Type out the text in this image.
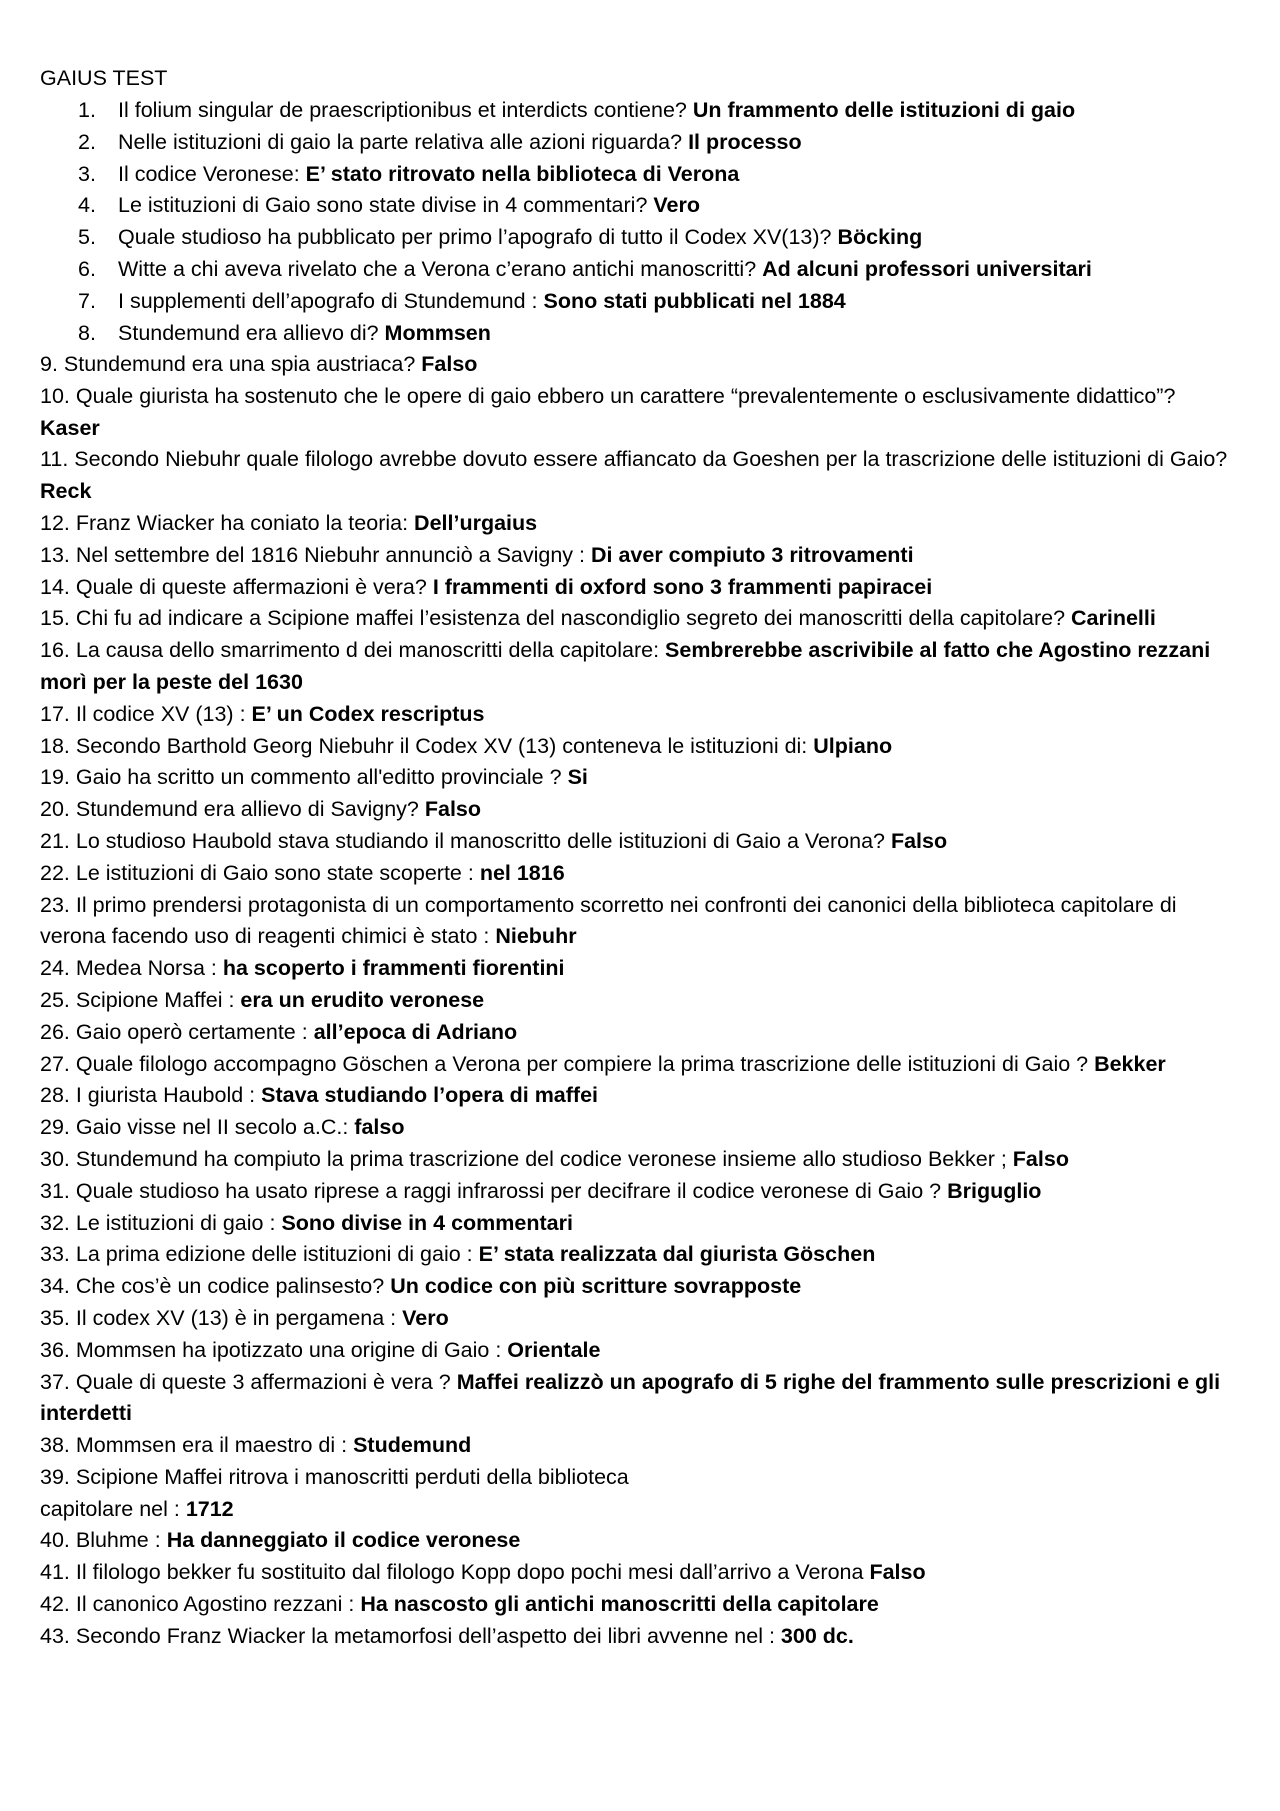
GAIUS TEST
1. Il folium singular de praescriptionibus et interdicts contiene? Un frammento delle istituzioni di gaio
2. Nelle istituzioni di gaio la parte relativa alle azioni riguarda? Il processo
3. Il codice Veronese: E’ stato ritrovato nella biblioteca di Verona
4. Le istituzioni di Gaio sono state divise in 4 commentari? Vero
5. Quale studioso ha pubblicato per primo l’apografo di tutto il Codex XV(13)? Böcking
6. Witte a chi aveva rivelato che a Verona c’erano antichi manoscritti? Ad alcuni professori universitari
7. I supplementi dell’apografo di Stundemund : Sono stati pubblicati nel 1884
8. Stundemund era allievo di? Mommsen

9. Stundemund era una spia austriaca? Falso

10. Quale giurista ha sostenuto che le opere di gaio ebbero un carattere “prevalentemente o esclusivamente didattico”? Kaser

11. Secondo Niebuhr quale filologo avrebbe dovuto essere affiancato da Goeshen per la trascrizione delle istituzioni di Gaio? Reck

12. Franz Wiacker ha coniato la teoria: Dell’urgaius

13. Nel settembre del 1816 Niebuhr annunciò a Savigny : Di aver compiuto 3 ritrovamenti

14. Quale di queste affermazioni è vera? I frammenti di oxford sono 3 frammenti papiracei

15. Chi fu ad indicare a Scipione maffei l’esistenza del nascondiglio segreto dei manoscritti della capitolare? Carinelli

16. La causa dello smarrimento d dei manoscritti della capitolare: Sembrerebbe ascrivibile al fatto che Agostino rezzani morì per la peste del 1630

17. Il codice XV (13) : E’ un Codex rescriptus

18. Secondo Barthold Georg Niebuhr il Codex XV (13) conteneva le istituzioni di: Ulpiano

19. Gaio ha scritto un commento all'editto provinciale ? Si

20. Stundemund era allievo di Savigny? Falso

21. Lo studioso Haubold stava studiando il manoscritto delle istituzioni di Gaio a Verona? Falso

22. Le istituzioni di Gaio sono state scoperte : nel 1816

23. Il primo prendersi protagonista di un comportamento scorretto nei confronti dei canonici della biblioteca capitolare di verona facendo uso di reagenti chimici è stato : Niebuhr

24. Medea Norsa : ha scoperto i frammenti fiorentini

25. Scipione Maffei : era un erudito veronese

26. Gaio operò certamente : all’epoca di Adriano

27. Quale filologo accompagno Göschen a Verona per compiere la prima trascrizione delle istituzioni di Gaio ? Bekker

28. I giurista Haubold : Stava studiando l’opera di maffei

29. Gaio visse nel II secolo a.C.: falso

30. Stundemund ha compiuto la prima trascrizione del codice veronese insieme allo studioso Bekker ; Falso

31. Quale studioso ha usato riprese a raggi infrarossi per decifrare il codice veronese di Gaio ? Briguglio

32. Le istituzioni di gaio : Sono divise in 4 commentari

33. La prima edizione delle istituzioni di gaio : E’ stata realizzata dal giurista Göschen

34. Che cos’è un codice palinsesto? Un codice con più scritture sovrapposte

35. Il codex XV (13) è in pergamena : Vero

36. Mommsen ha ipotizzato una origine di Gaio : Orientale

37. Quale di queste 3 affermazioni è vera ? Maffei realizzò un apografo di 5 righe del frammento sulle prescrizioni e gli interdetti

38. Mommsen era il maestro di : Studemund

39. Scipione Maffei ritrova i manoscritti perduti della biblioteca
capitolare nel : 1712

40. Bluhme : Ha danneggiato il codice veronese

41. Il filologo bekker fu sostituito dal filologo Kopp dopo pochi mesi dall’arrivo a Verona Falso

42. Il canonico Agostino rezzani : Ha nascosto gli antichi manoscritti della capitolare

43. Secondo Franz Wiacker la metamorfosi dell’aspetto dei libri avvenne nel : 300 dc.
